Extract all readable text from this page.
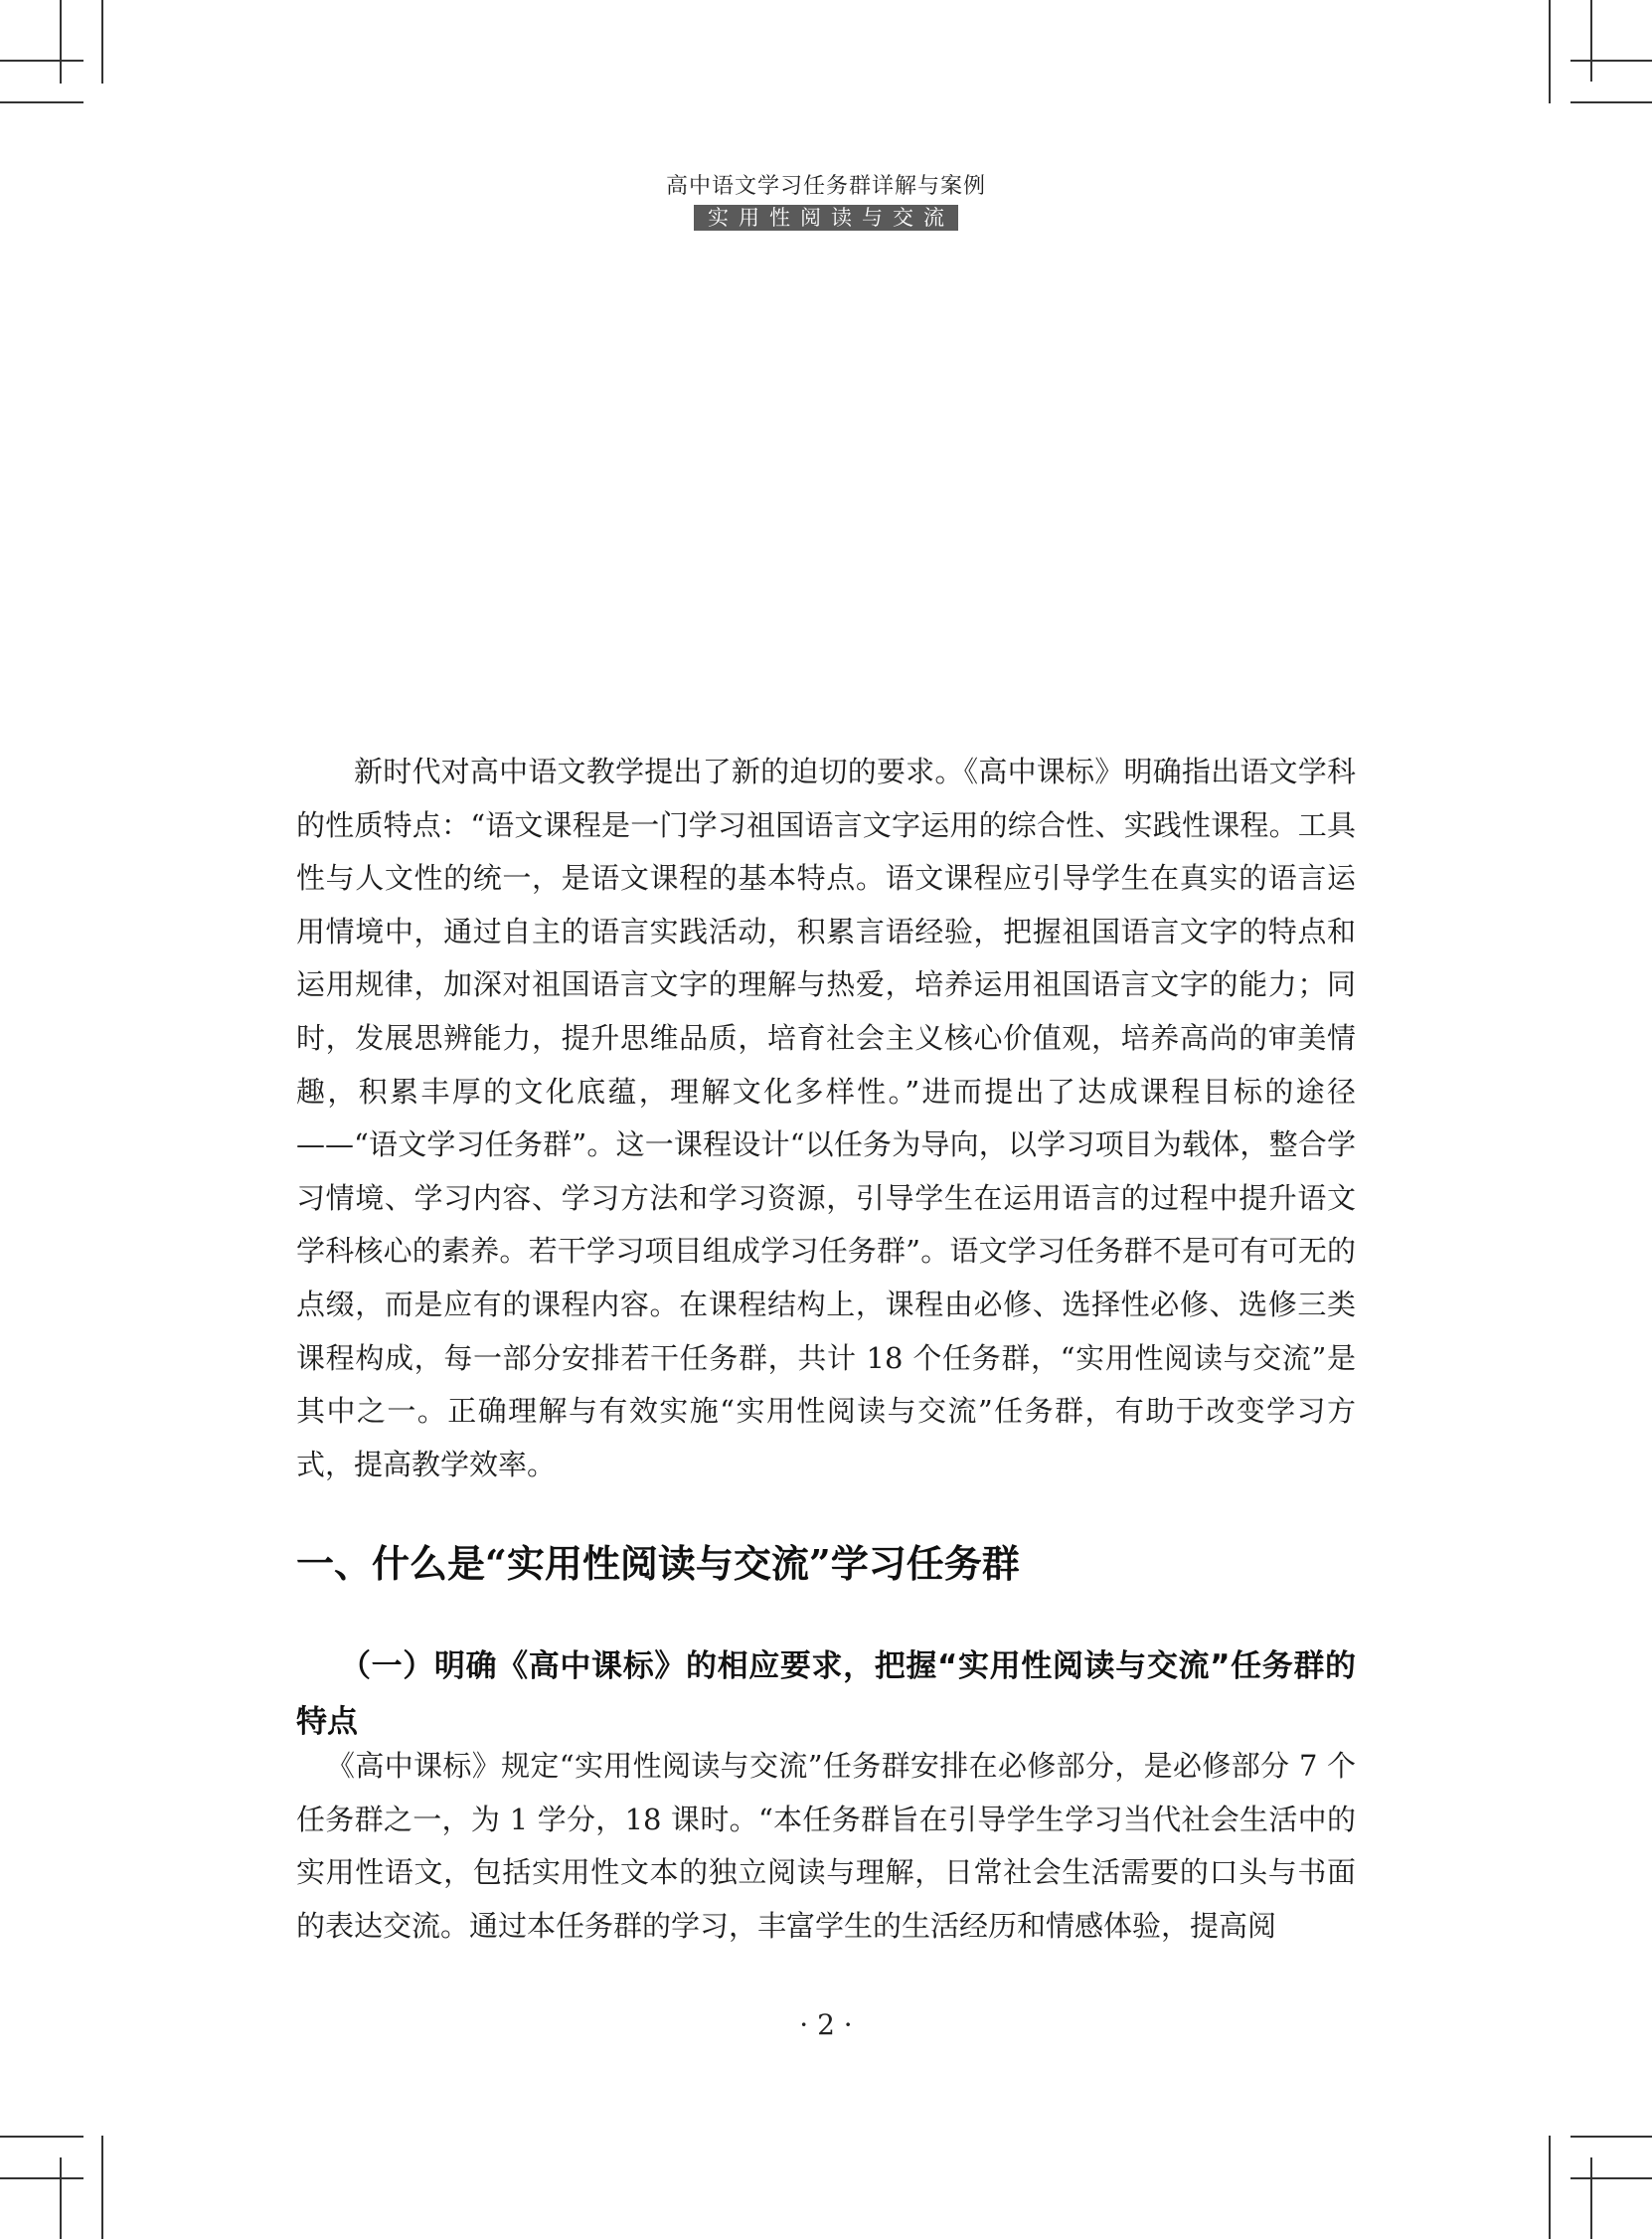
高中语文学习任务群详解与案例
实用性阅读与交流

新时代对高中语文教学提出了新的迫切的要求。《高中课标》明确指出语文学科的性质特点：“语文课程是一门学习祖国语言文字运用的综合性、实践性课程。工具性与人文性的统一，是语文课程的基本特点。语文课程应引导学生在真实的语言运用情境中，通过自主的语言实践活动，积累言语经验，把握祖国语言文字的特点和运用规律，加深对祖国语言文字的理解与热爱，培养运用祖国语言文字的能力；同时，发展思辨能力，提升思维品质，培育社会主义核心价值观，培养高尚的审美情趣，积累丰厚的文化底蕴，理解文化多样性。”进而提出了达成课程目标的途径——“语文学习任务群”。这一课程设计“以任务为导向，以学习项目为载体，整合学习情境、学习内容、学习方法和学习资源，引导学生在运用语言的过程中提升语文学科核心的素养。若干学习项目组成学习任务群”。语文学习任务群不是可有可无的点缀，而是应有的课程内容。在课程结构上，课程由必修、选择性必修、选修三类课程构成，每一部分安排若干任务群，共计 18 个任务群，“实用性阅读与交流”是其中之一。正确理解与有效实施“实用性阅读与交流”任务群，有助于改变学习方式，提高教学效率。

一、什么是“实用性阅读与交流”学习任务群
（一）明确《高中课标》的相应要求，把握“实用性阅读与交流”任务群的特点

《高中课标》规定“实用性阅读与交流”任务群安排在必修部分，是必修部分 7 个任务群之一，为 1 学分，18 课时。“本任务群旨在引导学生学习当代社会生活中的实用性语文，包括实用性文本的独立阅读与理解，日常社会生活需要的口头与书面的表达交流。通过本任务群的学习，丰富学生的生活经历和情感体验，提高阅

· 2 ·
